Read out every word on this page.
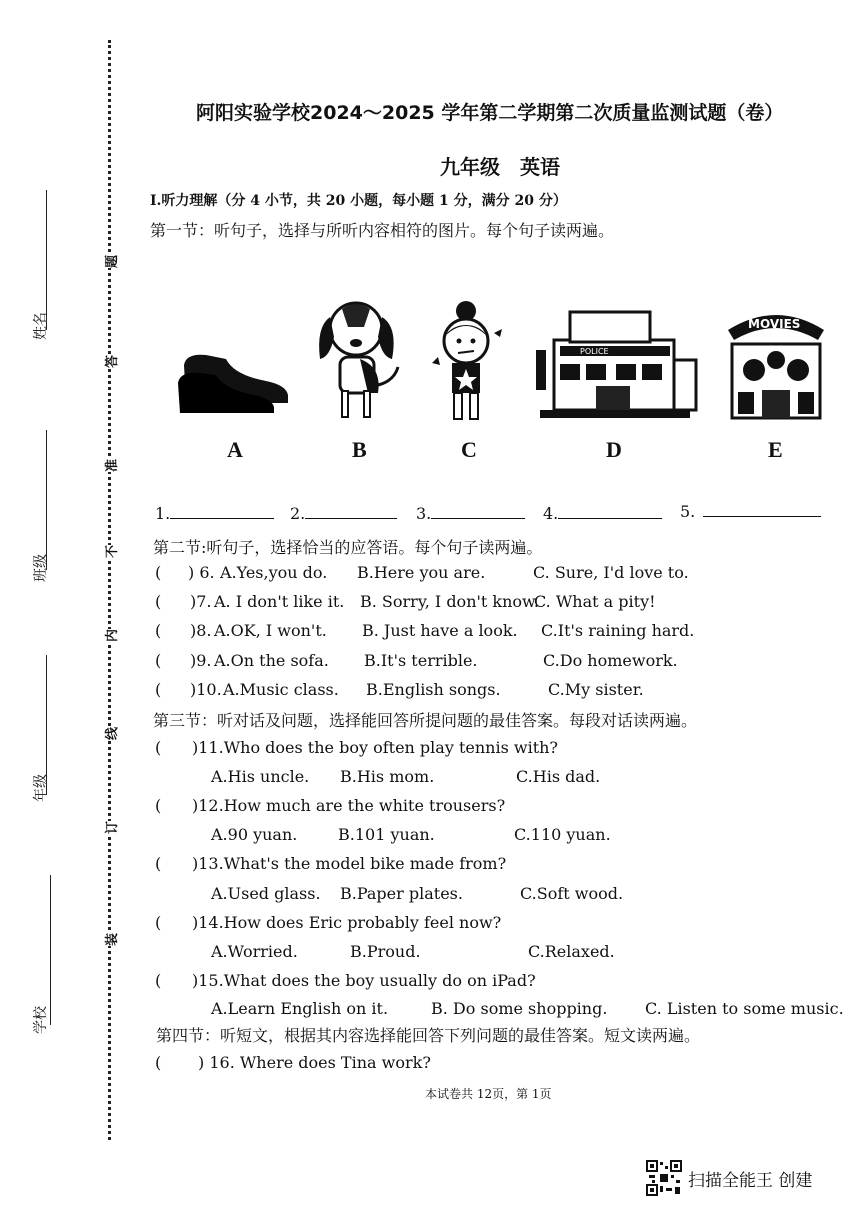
姓名
班级
年级
学校
题
答
准
不
内
线
订
装
阿阳实验学校2024～2025 学年第二学期第二次质量监测试题（卷）
九年级　英语
I.听力理解（分 4 小节，共 20 小题，每小题 1 分，满分 20 分）
第一节：听句子，选择与所听内容相符的图片。每个句子读两遍。
POLICE
MOVIES
A	B	C	D	E
1.	2.	3.	4.	5.
第二节:听句子，选择恰当的应答语。每个句子读两遍。
( ) 6. A.Yes,you do. B.Here you are.	C. Sure, I'd love to.
( )7. A. I don't like it. B. Sorry, I don't know.
C. What a pity!
( )8. A.OK, I won't. B. Just have a look. C.It's raining hard.
( )9. A.On the sofa. B.It's terrible.	C.Do homework.
( )10. A.Music class. B.English songs.	C.My sister.
第三节：听对话及问题，选择能回答所提问题的最佳答案。每段对话读两遍。
( )11.Who does the boy often play tennis with?
A.His uncle. B.His mom.	C.His dad.
( )12.How much are the white trousers?
A.90 yuan.	B.101 yuan.	C.110 yuan.
( )13.What's the model bike made from?
A.Used glass. B.Paper plates.	C.Soft wood.
( )14.How does Eric probably feel now?
A.Worried.	B.Proud.	C.Relaxed.
( )15.What does the boy usually do on iPad?
A.Learn English on it.	B. Do some shopping. C. Listen to some music.
第四节：听短文，根据其内容选择能回答下列问题的最佳答案。短文读两遍。
( ) 16. Where does Tina work?
本试卷共 12页，第 1页
扫描全能王 创建
